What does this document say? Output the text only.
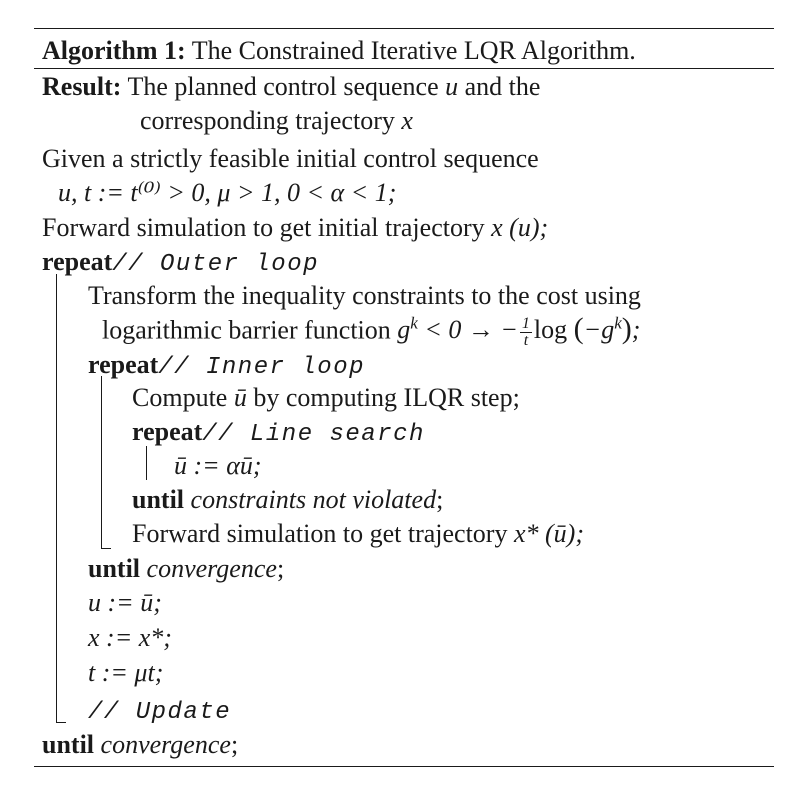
Algorithm 1: The Constrained Iterative LQR Algorithm.
Result: The planned control sequence u and the
corresponding trajectory x
Given a strictly feasible initial control sequence
u, t := t⁽⁰⁾ > 0, μ > 1, 0 < α < 1;
Forward simulation to get initial trajectory x (u);
repeat// Outer loop
Transform the inequality constraints to the cost using
logarithmic barrier function $g^k < 0$ → − $\frac{1}{t}$ $\log (-g^k)$;
repeat// Inner loop
Compute ū by computing ILQR step;
repeat// Line search
ū := αū;
until constraints not violated;
Forward simulation to get trajectory x* (ū);
until convergence;
u := ū;
x := x*;
t := μt;
// Update
until convergence;
